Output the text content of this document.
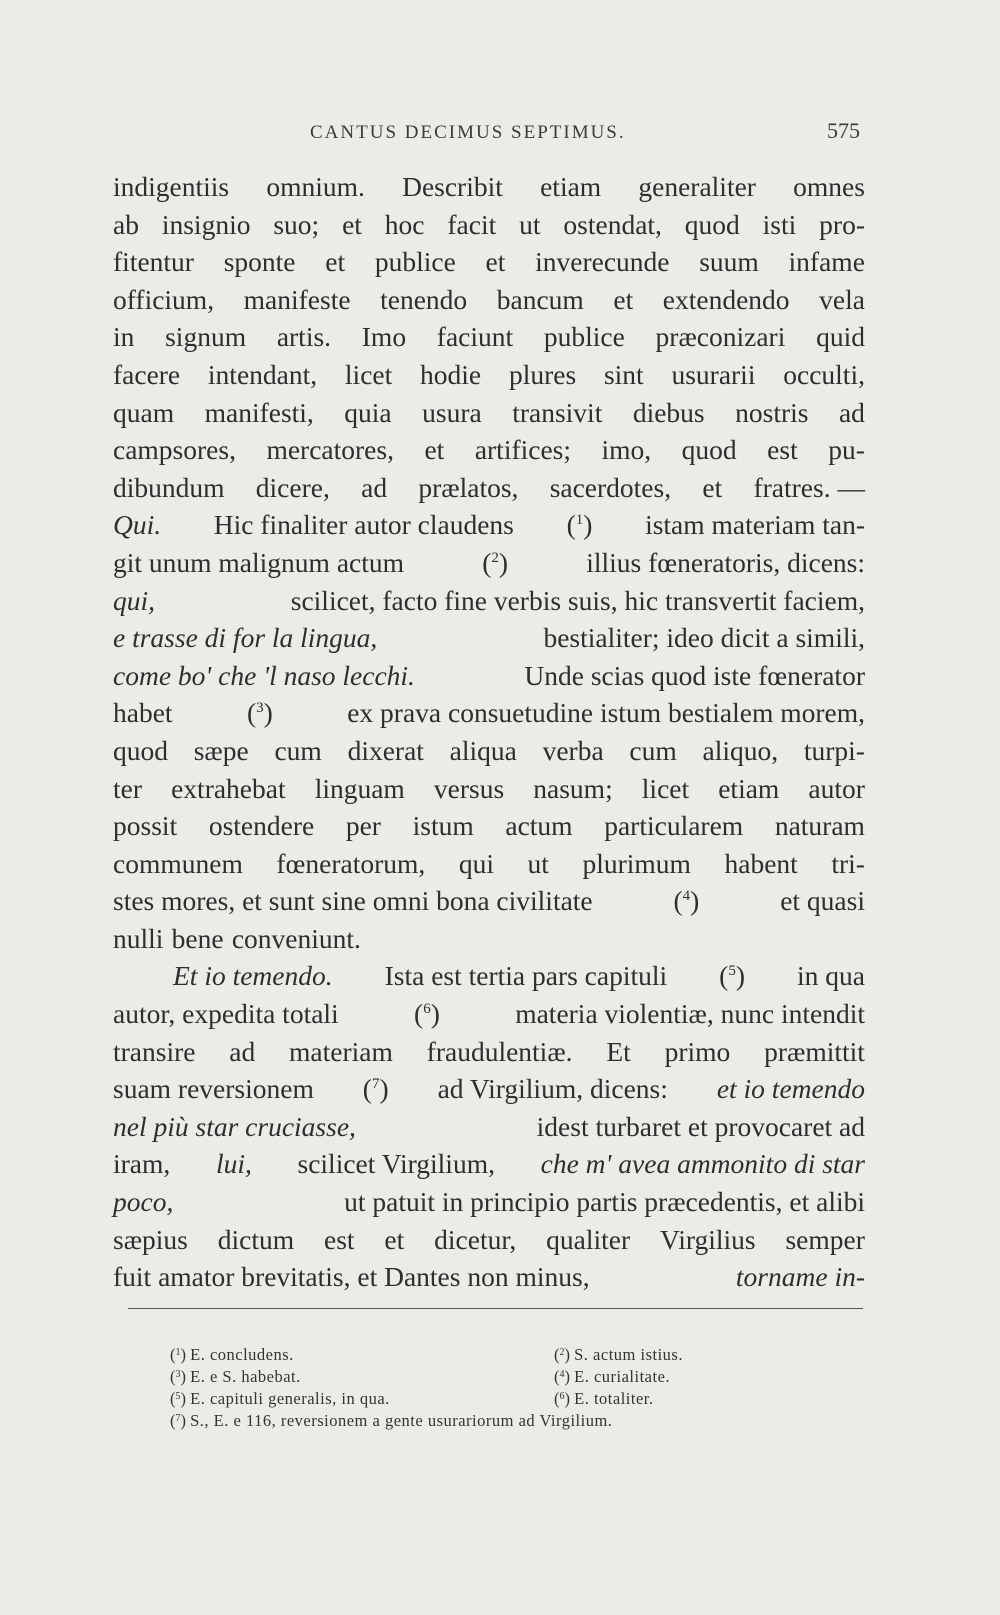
CANTUS DECIMUS SEPTIMUS.	575
indigentiis omnium. Describit etiam generaliter omnes
ab insignio suo; et hoc facit ut ostendat, quod isti pro-
fitentur sponte et publice et inverecunde suum infame
officium, manifeste tenendo bancum et extendendo vela
in signum artis. Imo faciunt publice præconizari quid
facere intendant, licet hodie plures sint usurarii occulti,
quam manifesti, quia usura transivit diebus nostris ad
campsores, mercatores, et artifices; imo, quod est pu-
dibundum dicere, ad prælatos, sacerdotes, et fratres. —
Qui. Hic finaliter autor claudens ($^1$) istam materiam tan-
git unum malignum actum	($^2$)	illius fœneratoris, dicens:
qui,	scilicet, facto fine verbis suis, hic transvertit faciem,
e trasse di for la lingua,	bestialiter; ideo dicit a simili,
come bo' che 'l naso lecchi.	Unde scias quod iste fœnerator
habet	($^3$)	ex prava consuetudine istum bestialem morem,
quod sæpe cum dixerat aliqua verba cum aliquo, turpi-
ter extrahebat linguam versus nasum; licet etiam autor
possit ostendere per istum actum particularem naturam
communem fœneratorum, qui ut plurimum habent tri-
stes mores, et sunt sine omni bona civilitate	($^4$)	et quasi
nulli bene conveniunt.
Et io temendo. Ista est tertia pars capituli ($^5$) in qua
autor, expedita totali	($^6$)	materia violentiæ, nunc intendit
transire ad materiam fraudulentiæ. Et primo præmittit
suam reversionem ($^7$) ad Virgilium, dicens: et io temendo
nel più star cruciasse,	idest turbaret et provocaret ad
iram, lui, scilicet Virgilium, che m' avea ammonito di star
poco,	ut patuit in principio partis præcedentis, et alibi
sæpius dictum est et dicetur, qualiter Virgilius semper
fuit amator brevitatis, et Dantes non minus,	torname in-
($^1$) E. concludens.	($^2$) S. actum istius.
($^3$) E. e S. habebat.	($^4$) E. curialitate.
($^5$) E. capituli generalis, in qua.	($^6$) E. totaliter.
($^7$) S., E. e 116, reversionem a gente usurariorum ad Virgilium.
